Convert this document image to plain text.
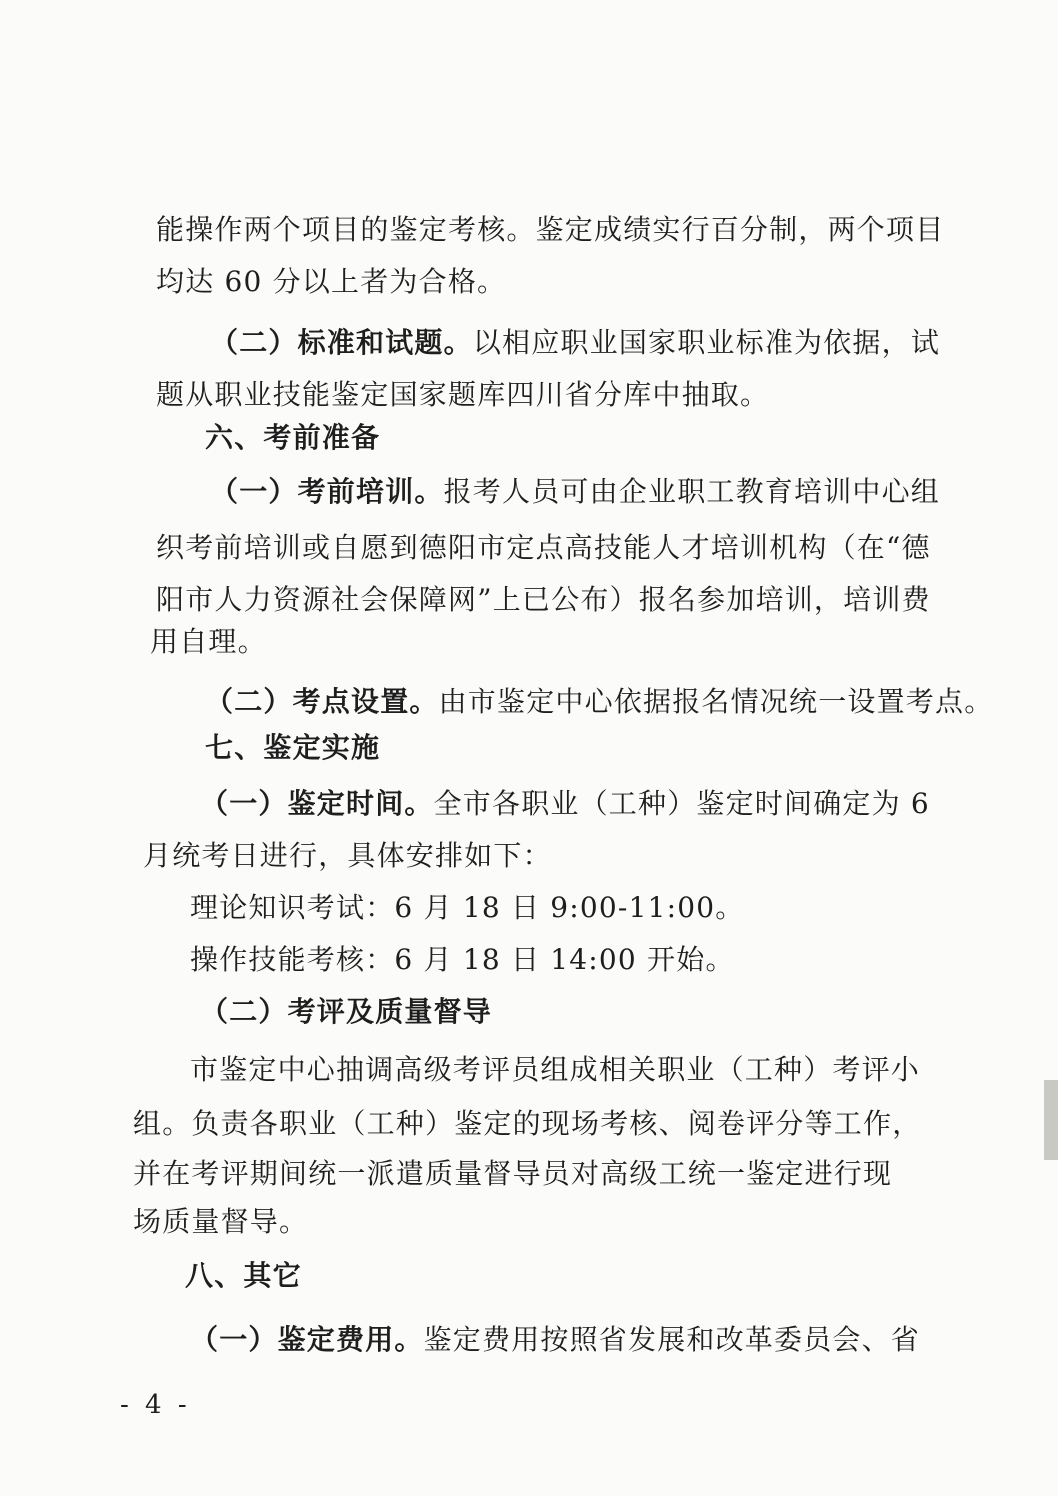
能操作两个项目的鉴定考核。鉴定成绩实行百分制，两个项目

均达 60 分以上者为合格。

（二）标准和试题。以相应职业国家职业标准为依据，试

题从职业技能鉴定国家题库四川省分库中抽取。

六、考前准备

（一）考前培训。报考人员可由企业职工教育培训中心组

织考前培训或自愿到德阳市定点高技能人才培训机构（在“德

阳市人力资源社会保障网”上已公布）报名参加培训，培训费

用自理。

（二）考点设置。由市鉴定中心依据报名情况统一设置考点。

七、鉴定实施

（一）鉴定时间。全市各职业（工种）鉴定时间确定为 6

月统考日进行，具体安排如下：

理论知识考试：6 月 18 日 9:00-11:00。

操作技能考核：6 月 18 日 14:00 开始。

（二）考评及质量督导

市鉴定中心抽调高级考评员组成相关职业（工种）考评小

组。负责各职业（工种）鉴定的现场考核、阅卷评分等工作，

并在考评期间统一派遣质量督导员对高级工统一鉴定进行现

场质量督导。

八、其它

（一）鉴定费用。鉴定费用按照省发展和改革委员会、省

- 4 -
